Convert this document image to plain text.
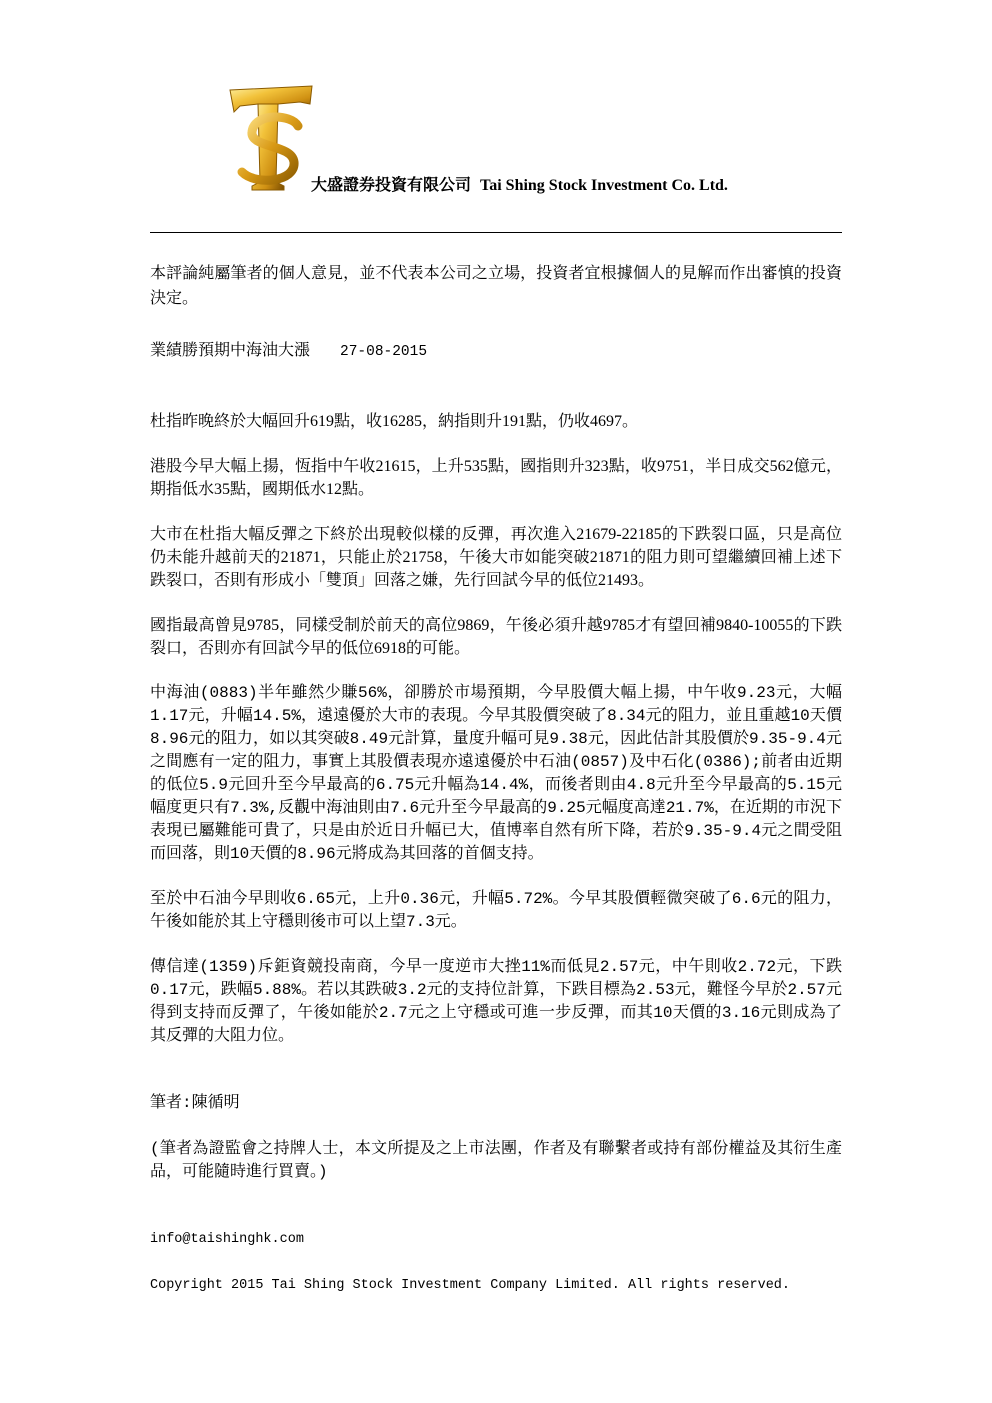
大盛證券投資有限公司 Tai Shing Stock Investment Co. Ltd.

本評論純屬筆者的個人意見，並不代表本公司之立場，投資者宜根據個人的見解而作出審慎的投資決定。

業績勝預期中海油大漲 27-08-2015

杜指昨晚終於大幅回升619點，收16285，納指則升191點，仍收4697。

港股今早大幅上揚，恆指中午收21615，上升535點，國指則升323點，收9751，半日成交562億元，期指低水35點，國期低水12點。

大市在杜指大幅反彈之下終於出現較似樣的反彈，再次進入21679-22185的下跌裂口區，只是高位仍未能升越前天的21871，只能止於21758，午後大市如能突破21871的阻力則可望繼續回補上述下跌裂口，否則有形成小「雙頂」回落之嫌，先行回試今早的低位21493。

國指最高曾見9785，同樣受制於前天的高位9869，午後必須升越9785才有望回補9840-10055的下跌裂口，否則亦有回試今早的低位6918的可能。

中海油(0883)半年雖然少賺56%，卻勝於市場預期，今早股價大幅上揚，中午收9.23元，大幅1.17元，升幅14.5%，遠遠優於大市的表現。今早其股價突破了8.34元的阻力，並且重越10天價8.96元的阻力，如以其突破8.49元計算，量度升幅可見9.38元，因此估計其股價於9.35-9.4元之間應有一定的阻力，事實上其股價表現亦遠遠優於中石油(0857)及中石化(0386);前者由近期的低位5.9元回升至今早最高的6.75元升幅為14.4%，而後者則由4.8元升至今早最高的5.15元幅度更只有7.3%,反觀中海油則由7.6元升至今早最高的9.25元幅度高達21.7%，在近期的市況下表現已屬難能可貴了，只是由於近日升幅已大，值博率自然有所下降，若於9.35-9.4元之間受阻而回落，則10天價的8.96元將成為其回落的首個支持。

至於中石油今早則收6.65元，上升0.36元，升幅5.72%。今早其股價輕微突破了6.6元的阻力，午後如能於其上守穩則後市可以上望7.3元。

傳信達(1359)斥鉅資競投南商，今早一度逆市大挫11%而低見2.57元，中午則收2.72元，下跌0.17元，跌幅5.88%。若以其跌破3.2元的支持位計算，下跌目標為2.53元，難怪今早於2.57元得到支持而反彈了，午後如能於2.7元之上守穩或可進一步反彈，而其10天價的3.16元則成為了其反彈的大阻力位。

筆者:陳循明

(筆者為證監會之持牌人士，本文所提及之上市法團，作者及有聯繫者或持有部份權益及其衍生產品，可能隨時進行買賣。)

info@taishinghk.com

Copyright 2015 Tai Shing Stock Investment Company Limited. All rights reserved.
